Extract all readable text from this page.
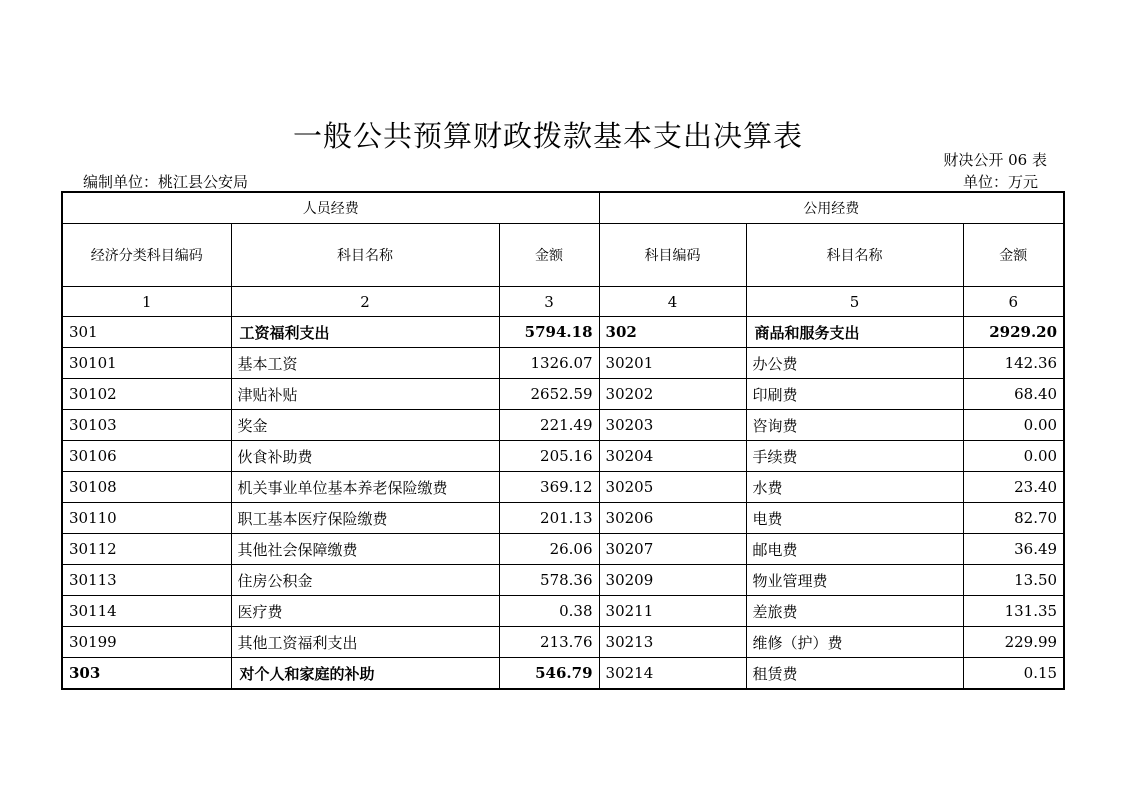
一般公共预算财政拨款基本支出决算表
财决公开 06 表
编制单位：桃江县公安局	单位：万元
人员经费			公用经费		
经济分类科目编码	科目名称	金额	科目编码	科目名称	金额
1	2	3	4	5	6
301	工资福利支出	5794.18	302	商品和服务支出	2929.20
30101	基本工资	1326.07	30201	办公费	142.36
30102	津贴补贴	2652.59	30202	印刷费	68.40
30103	奖金	221.49	30203	咨询费	0.00
30106	伙食补助费	205.16	30204	手续费	0.00
30108	机关事业单位基本养老保险缴费	369.12	30205	水费	23.40
30110	职工基本医疗保险缴费	201.13	30206	电费	82.70
30112	其他社会保障缴费	26.06	30207	邮电费	36.49
30113	住房公积金	578.36	30209	物业管理费	13.50
30114	医疗费	0.38	30211	差旅费	131.35
30199	其他工资福利支出	213.76	30213	维修（护）费	229.99
303	对个人和家庭的补助	546.79	30214	租赁费	0.15
